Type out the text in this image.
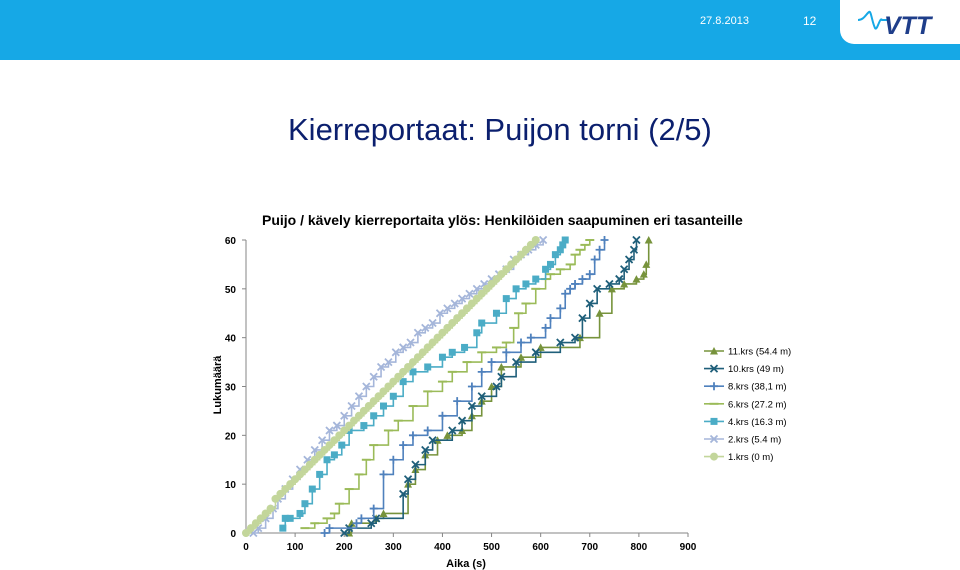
27.8.2013	12	VTT
Kierreportaat: Puijon torni (2/5)
Puijo / kävely kierreportaita ylös: Henkilöiden saapuminen eri tasanteille
0
10
20
30
40
50
60
0	100	200	300	400	500	600	700	800	900
Aika (s)
Lukumäärä
11.krs (54.4 m)
10.krs (49 m)
8.krs (38,1 m)
6.krs (27.2 m)
4.krs (16.3 m)
2.krs (5.4 m)
1.krs (0 m)
